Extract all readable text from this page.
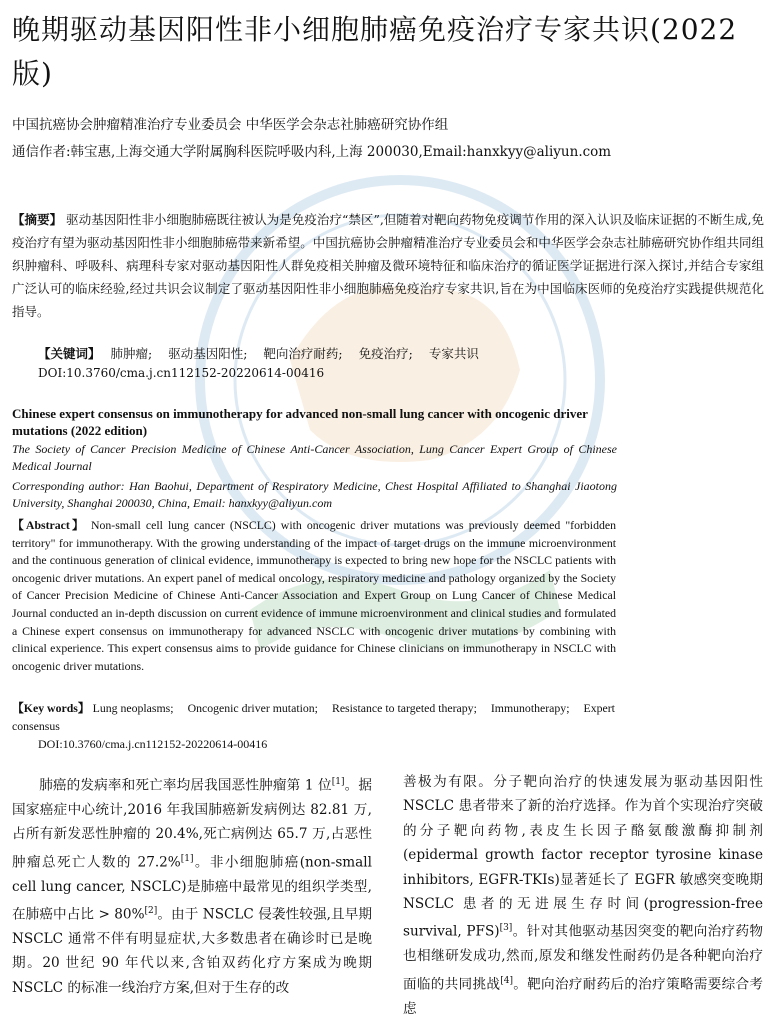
晚期驱动基因阳性非小细胞肺癌免疫治疗专家共识(2022 版)
中国抗癌协会肿瘤精准治疗专业委员会 中华医学会杂志社肺癌研究协作组
通信作者:韩宝惠,上海交通大学附属胸科医院呼吸内科,上海 200030,Email:hanxkyy@aliyun.com
【摘要】 驱动基因阳性非小细胞肺癌既往被认为是免疫治疗“禁区”,但随着对靶向药物免疫调节作用的深入认识及临床证据的不断生成,免疫治疗有望为驱动基因阳性非小细胞肺癌带来新希望。中国抗癌协会肿瘤精准治疗专业委员会和中华医学会杂志社肺癌研究协作组共同组织肿瘤科、呼吸科、病理科专家对驱动基因阳性人群免疫相关肿瘤及微环境特征和临床治疗的循证医学证据进行深入探讨,并结合专家组广泛认可的临床经验,经过共识会议制定了驱动基因阳性非小细胞肺癌免疫治疗专家共识,旨在为中国临床医师的免疫治疗实践提供规范化指导。
【关键词】 肺肿瘤; 驱动基因阳性; 靶向治疗耐药; 免疫治疗; 专家共识
DOI:10.3760/cma.j.cn112152-20220614-00416
Chinese expert consensus on immunotherapy for advanced non-small lung cancer with oncogenic driver mutations (2022 edition)
The Society of Cancer Precision Medicine of Chinese Anti-Cancer Association, Lung Cancer Expert Group of Chinese Medical Journal
Corresponding author: Han Baohui, Department of Respiratory Medicine, Chest Hospital Affiliated to Shanghai Jiaotong University, Shanghai 200030, China, Email: hanxkyy@aliyun.com
【Abstract】 Non-small cell lung cancer (NSCLC) with oncogenic driver mutations was previously deemed "forbidden territory" for immunotherapy. With the growing understanding of the impact of target drugs on the immune microenvironment and the continuous generation of clinical evidence, immunotherapy is expected to bring new hope for the NSCLC patients with oncogenic driver mutations. An expert panel of medical oncology, respiratory medicine and pathology organized by the Society of Cancer Precision Medicine of Chinese Anti-Cancer Association and Expert Group on Lung Cancer of Chinese Medical Journal conducted an in-depth discussion on current evidence of immune microenvironment and clinical studies and formulated a Chinese expert consensus on immunotherapy for advanced NSCLC with oncogenic driver mutations by combining with clinical experience. This expert consensus aims to provide guidance for Chinese clinicians on immunotherapy in NSCLC with oncogenic driver mutations.
【Key words】 Lung neoplasms; Oncogenic driver mutation; Resistance to targeted therapy; Immunotherapy; Expert consensus
DOI:10.3760/cma.j.cn112152-20220614-00416
肺癌的发病率和死亡率均居我国恶性肿瘤第 1 位[1]。据国家癌症中心统计,2016 年我国肺癌新发病例达 82.81 万,占所有新发恶性肿瘤的 20.4%,死亡病例达 65.7 万,占恶性肿瘤总死亡人数的 27.2%[1]。非小细胞肺癌(non-small cell lung cancer, NSCLC)是肺癌中最常见的组织学类型,在肺癌中占比 > 80%[2]。由于 NSCLC 侵袭性较强,且早期 NSCLC 通常不伴有明显症状,大多数患者在确诊时已是晚期。20 世纪 90 年代以来,含铂双药化疗方案成为晚期 NSCLC 的标准一线治疗方案,但对于生存的改
善极为有限。分子靶向治疗的快速发展为驱动基因阳性 NSCLC 患者带来了新的治疗选择。作为首个实现治疗突破的分子靶向药物,表皮生长因子酪氨酸激酶抑制剂(epidermal growth factor receptor tyrosine kinase inhibitors, EGFR-TKIs)显著延长了 EGFR 敏感突变晚期 NSCLC 患者的无进展生存时间(progression-free survival, PFS)[3]。针对其他驱动基因突变的靶向治疗药物也相继研发成功,然而,原发和继发性耐药仍是各种靶向治疗面临的共同挑战[4]。靶向治疗耐药后的治疗策略需要综合考虑
